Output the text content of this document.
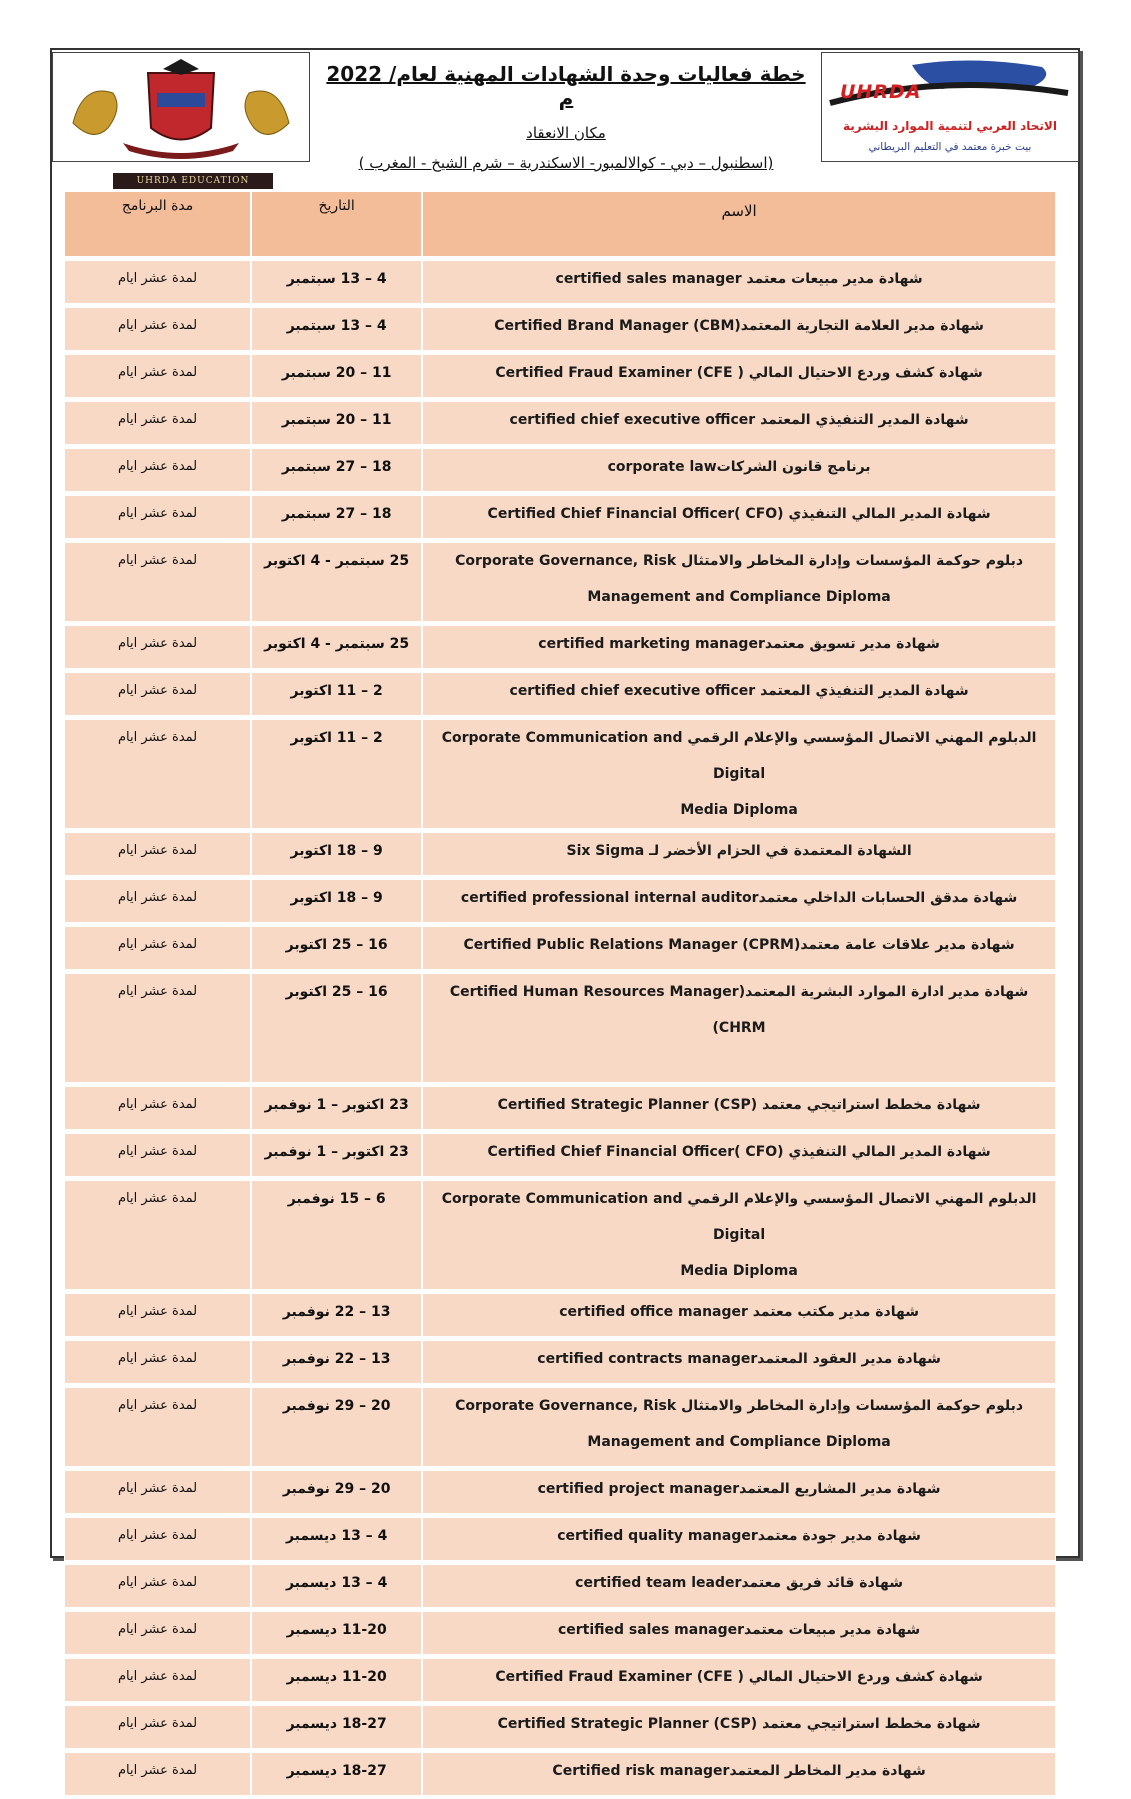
UHRDA EDUCATION
خطة فعاليات وحدة الشهادات المهنية لعام/ 2022 م
مكان الانعقاد
(اسطنبول – دبي - كوالالمبور- الاسكندرية – شرم الشيخ - المغرب )
UHRDA
الاتحاد العربي لتنمية الموارد البشرية
بيت خبرة معتمد في التعليم البريطاني
مدة البرنامج	التاريخ	الاسم
لمدة عشر ايام	4 – 13 سبتمبر	شهادة مدير مبيعات معتمد certified sales manager

لمدة عشر ايام	4 – 13 سبتمبر	شهادة مدير العلامة التجارية المعتمد(Certified Brand Manager (CBM

لمدة عشر ايام	11 – 20 سبتمبر	شهادة كشف وردع الاحتيال المالي ( Certified Fraud Examiner (CFE

لمدة عشر ايام	11 – 20 سبتمبر	شهادة المدير التنفيذي المعتمد certified chief executive officer

لمدة عشر ايام	18 – 27 سبتمبر	برنامج قانون الشركاتcorporate law

لمدة عشر ايام	18 – 27 سبتمبر	شهادة المدير المالي التنفيذي (Certified Chief Financial Officer( CFO

لمدة عشر ايام	25 سبتمبر - 4 اكتوبر	دبلوم حوكمة المؤسسات وإدارة المخاطر والامتثال Corporate Governance, Risk
Management and Compliance Diploma

لمدة عشر ايام	25 سبتمبر - 4 اكتوبر	شهادة مدير تسويق معتمدcertified marketing manager

لمدة عشر ايام	2 – 11 اكتوبر	شهادة المدير التنفيذي المعتمد certified chief executive officer

لمدة عشر ايام	2 – 11 اكتوبر	الدبلوم المهني الاتصال المؤسسي والإعلام الرقمي Corporate Communication and Digital
Media Diploma

لمدة عشر ايام	9 – 18 اكتوبر	الشهادة المعتمدة في الحزام الأخضر لـ Six Sigma

لمدة عشر ايام	9 – 18 اكتوبر	شهادة مدقق الحسابات الداخلي معتمدcertified professional internal auditor

لمدة عشر ايام	16 – 25 اكتوبر	شهادة مدير علاقات عامة معتمد(Certified Public Relations Manager (CPRM

لمدة عشر ايام	16 – 25 اكتوبر	شهادة مدير ادارة الموارد البشرية المعتمد(Certified Human Resources Manager (CHRM

لمدة عشر ايام	23 اكتوبر – 1 نوفمبر	شهادة مخطط استراتيجي معتمد (Certified Strategic Planner (CSP

لمدة عشر ايام	23 اكتوبر – 1 نوفمبر	شهادة المدير المالي التنفيذي (Certified Chief Financial Officer( CFO

لمدة عشر ايام	6 – 15 نوفمبر	الدبلوم المهني الاتصال المؤسسي والإعلام الرقمي Corporate Communication and Digital
Media Diploma

لمدة عشر ايام	13 – 22 نوفمبر	شهادة مدير مكتب معتمد certified office manager

لمدة عشر ايام	13 – 22 نوفمبر	شهادة مدير العقود المعتمدcertified contracts manager

لمدة عشر ايام	20 – 29 نوفمبر	دبلوم حوكمة المؤسسات وإدارة المخاطر والامتثال Corporate Governance, Risk
Management and Compliance Diploma

لمدة عشر ايام	20 – 29 نوفمبر	شهادة مدير المشاريع المعتمدcertified project manager

لمدة عشر ايام	4 – 13 ديسمبر	شهادة مدير جودة معتمدcertified quality manager

لمدة عشر ايام	4 – 13 ديسمبر	شهادة قائد فريق معتمدcertified team leader

لمدة عشر ايام	11-20 ديسمبر	شهادة مدير مبيعات معتمدcertified sales manager

لمدة عشر ايام	11-20 ديسمبر	شهادة كشف وردع الاحتيال المالي ( Certified Fraud Examiner (CFE

لمدة عشر ايام	18-27 ديسمبر	شهادة مخطط استراتيجي معتمد (Certified Strategic Planner (CSP

لمدة عشر ايام	18-27 ديسمبر	شهادة مدير المخاطر المعتمدCertified risk manager
